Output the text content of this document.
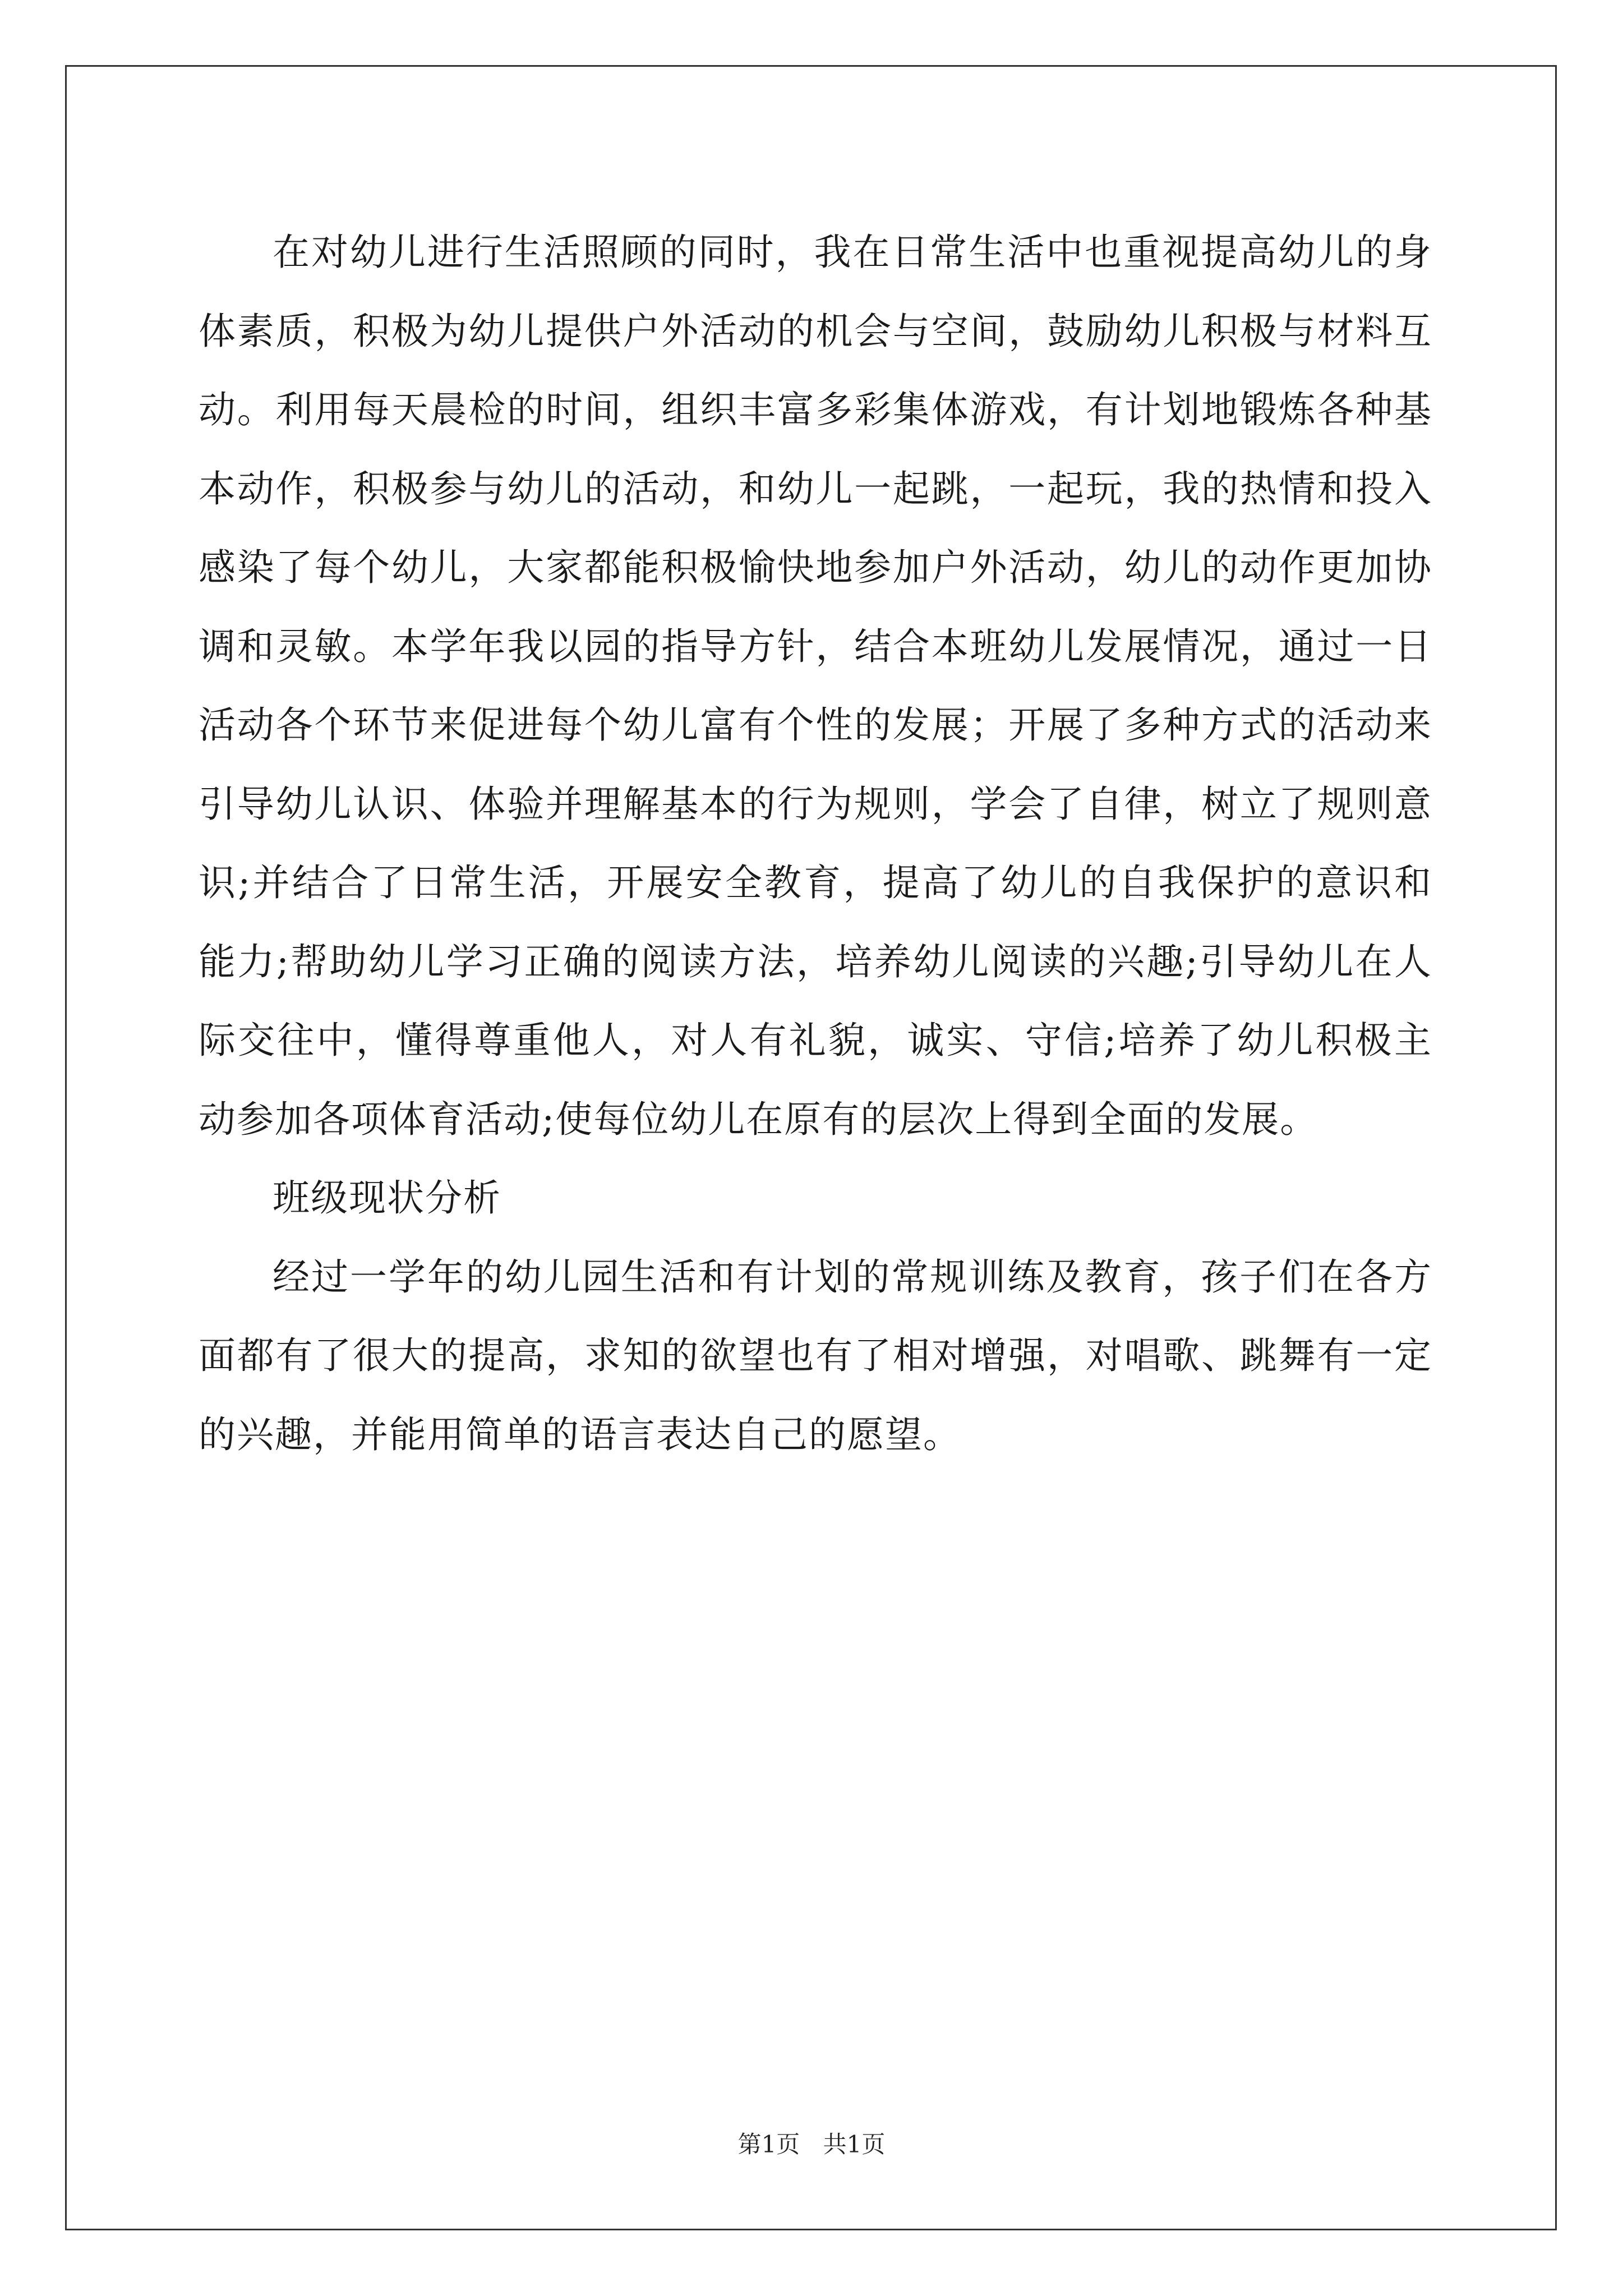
在对幼儿进行生活照顾的同时，我在日常生活中也重视提高幼儿的身体素质，积极为幼儿提供户外活动的机会与空间，鼓励幼儿积极与材料互动。利用每天晨检的时间，组织丰富多彩集体游戏，有计划地锻炼各种基本动作，积极参与幼儿的活动，和幼儿一起跳，一起玩，我的热情和投入感染了每个幼儿，大家都能积极愉快地参加户外活动，幼儿的动作更加协调和灵敏。本学年我以园的指导方针，结合本班幼儿发展情况，通过一日活动各个环节来促进每个幼儿富有个性的发展；开展了多种方式的活动来引导幼儿认识、体验并理解基本的行为规则，学会了自律，树立了规则意识;并结合了日常生活，开展安全教育，提高了幼儿的自我保护的意识和能力;帮助幼儿学习正确的阅读方法，培养幼儿阅读的兴趣;引导幼儿在人际交往中，懂得尊重他人，对人有礼貌，诚实、守信;培养了幼儿积极主动参加各项体育活动;使每位幼儿在原有的层次上得到全面的发展。

班级现状分析

经过一学年的幼儿园生活和有计划的常规训练及教育，孩子们在各方面都有了很大的提高，求知的欲望也有了相对增强，对唱歌、跳舞有一定的兴趣，并能用简单的语言表达自己的愿望。

第1页 共1页
